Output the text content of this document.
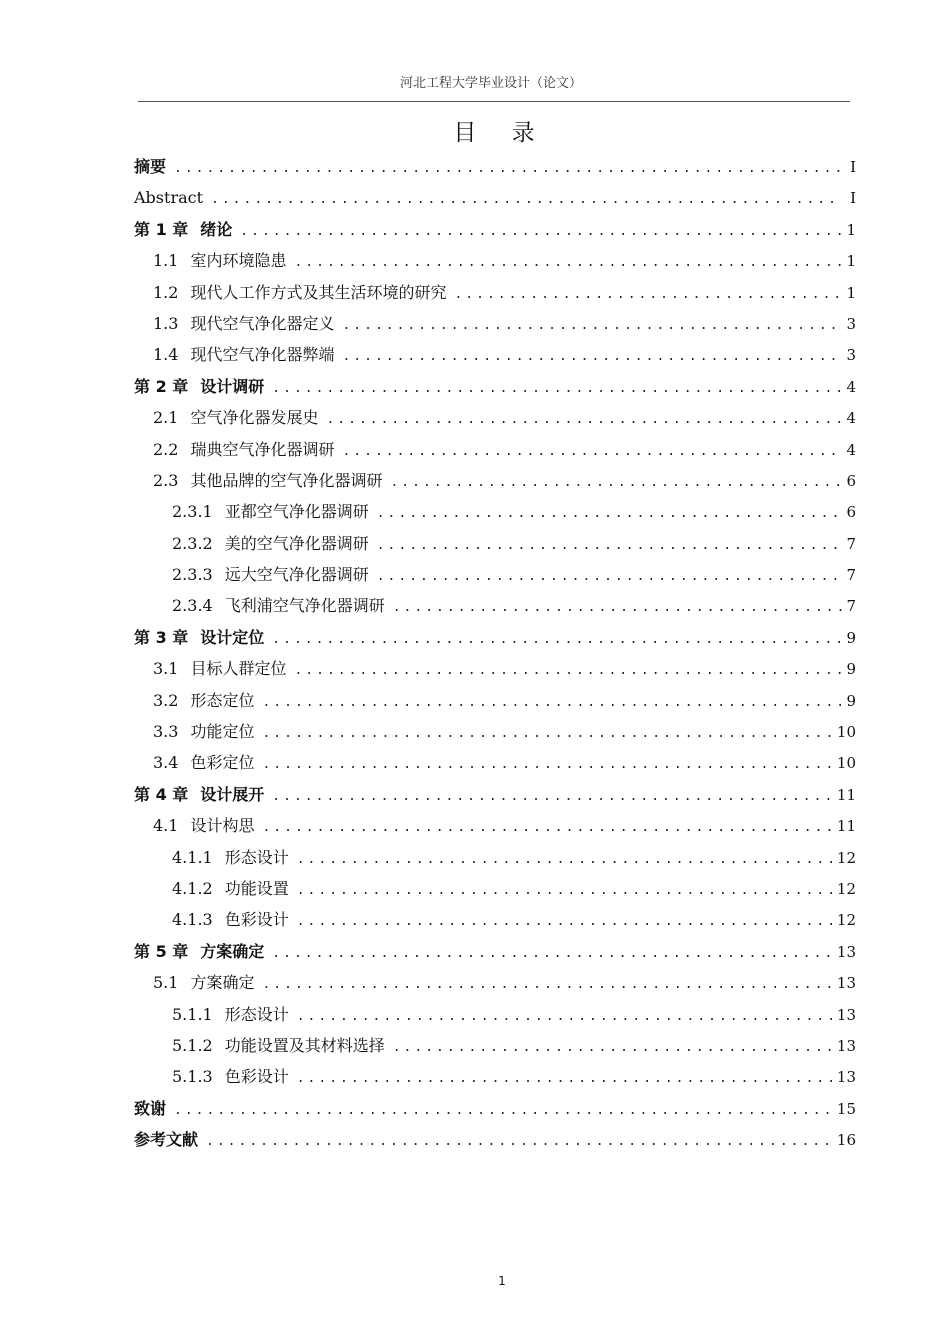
河北工程大学毕业设计（论文）
目 录
摘要 .....	I
Abstract .....	I
第 1 章 绪论 .....	1
1.1 室内环境隐患 .....	1
1.2 现代人工作方式及其生活环境的研究 .....	1
1.3 现代空气净化器定义 .....	3
1.4 现代空气净化器弊端 .....	3
第 2 章 设计调研 .....	4
2.1 空气净化器发展史 .....	4
2.2 瑞典空气净化器调研 .....	4
2.3 其他品牌的空气净化器调研 .....	6
2.3.1 亚都空气净化器调研 .....	6
2.3.2 美的空气净化器调研 .....	7
2.3.3 远大空气净化器调研 .....	7
2.3.4 飞利浦空气净化器调研 .....	7
第 3 章 设计定位 .....	9
3.1 目标人群定位 .....	9
3.2 形态定位 .....	9
3.3 功能定位 .....	10
3.4 色彩定位 .....	10
第 4 章 设计展开 .....	11
4.1 设计构思 .....	11
4.1.1 形态设计 .....	12
4.1.2 功能设置 .....	12
4.1.3 色彩设计 .....	12
第 5 章 方案确定 .....	13
5.1 方案确定 .....	13
5.1.1 形态设计 .....	13
5.1.2 功能设置及其材料选择 .....	13
5.1.3 色彩设计 .....	13
致谢 .....	15
参考文献 .....	16
1
